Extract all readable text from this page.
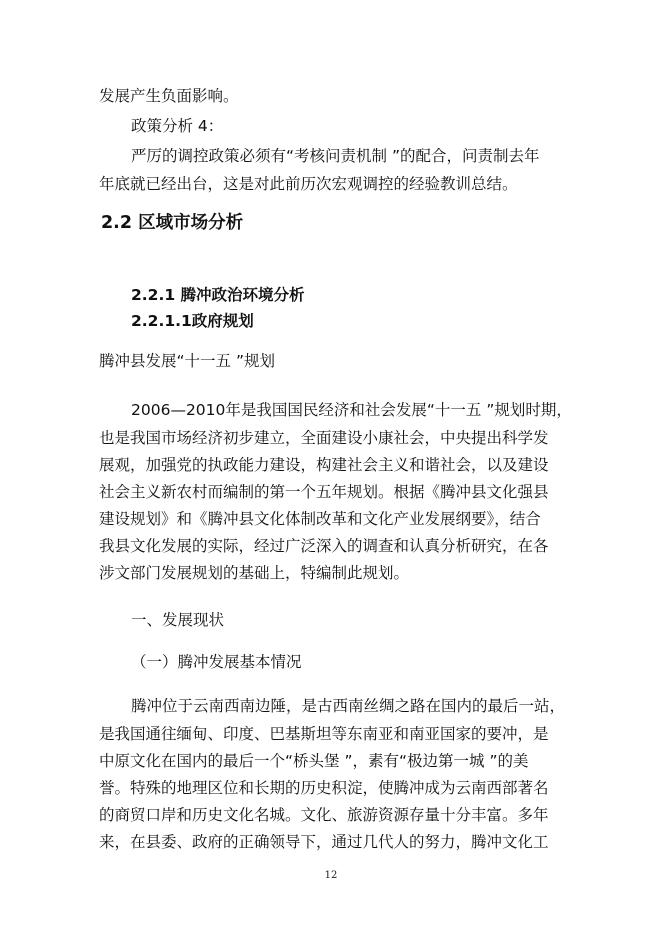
发展产生负面影响。
政策分析 4：
严厉的调控政策必须有“考核问责机制 ”的配合，问责制去年
年底就已经出台，这是对此前历次宏观调控的经验教训总结。
2.2 区域市场分析
2.2.1 腾冲政治环境分析
2.2.1.1政府规划
腾冲县发展“十一五 ”规划
2006—2010年是我国国民经济和社会发展“十一五 ”规划时期，
也是我国市场经济初步建立，全面建设小康社会，中央提出科学发
展观，加强党的执政能力建设，构建社会主义和谐社会，以及建设
社会主义新农村而编制的第一个五年规划。根据《腾冲县文化强县
建设规划》和《腾冲县文化体制改革和文化产业发展纲要》，结合
我县文化发展的实际，经过广泛深入的调查和认真分析研究，在各
涉文部门发展规划的基础上，特编制此规划。
一、发展现状
（一）腾冲发展基本情况
腾冲位于云南西南边陲，是古西南丝绸之路在国内的最后一站，
是我国通往缅甸、印度、巴基斯坦等东南亚和南亚国家的要冲，是
中原文化在国内的最后一个“桥头堡 ”，素有“极边第一城 ”的美
誉。特殊的地理区位和长期的历史积淀，使腾冲成为云南西部著名
的商贸口岸和历史文化名城。文化、旅游资源存量十分丰富。多年
来，在县委、政府的正确领导下，通过几代人的努力，腾冲文化工
12
